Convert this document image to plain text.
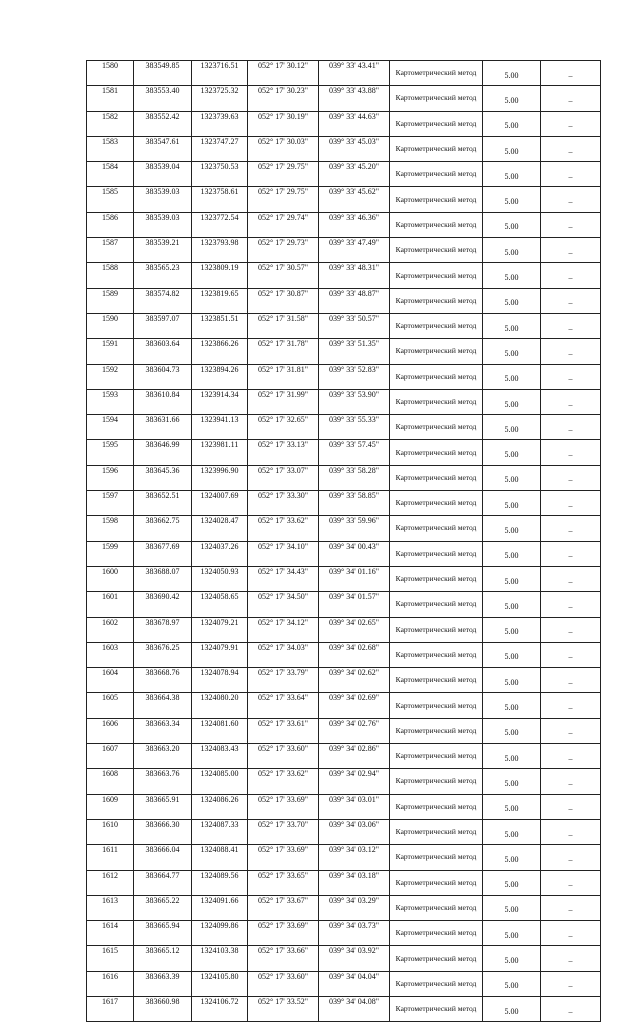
1580	383549.85	1323716.51	052° 17' 30.12"	039° 33' 43.41"	Картометрический метод	5.00	–
1581	383553.40	1323725.32	052° 17' 30.23"	039° 33' 43.88"	Картометрический метод	5.00	–
1582	383552.42	1323739.63	052° 17' 30.19"	039° 33' 44.63"	Картометрический метод	5.00	–
1583	383547.61	1323747.27	052° 17' 30.03"	039° 33' 45.03"	Картометрический метод	5.00	–
1584	383539.04	1323750.53	052° 17' 29.75"	039° 33' 45.20"	Картометрический метод	5.00	–
1585	383539.03	1323758.61	052° 17' 29.75"	039° 33' 45.62"	Картометрический метод	5.00	–
1586	383539.03	1323772.54	052° 17' 29.74"	039° 33' 46.36"	Картометрический метод	5.00	–
1587	383539.21	1323793.98	052° 17' 29.73"	039° 33' 47.49"	Картометрический метод	5.00	–
1588	383565.23	1323809.19	052° 17' 30.57"	039° 33' 48.31"	Картометрический метод	5.00	–
1589	383574.82	1323819.65	052° 17' 30.87"	039° 33' 48.87"	Картометрический метод	5.00	–
1590	383597.07	1323851.51	052° 17' 31.58"	039° 33' 50.57"	Картометрический метод	5.00	–
1591	383603.64	1323866.26	052° 17' 31.78"	039° 33' 51.35"	Картометрический метод	5.00	–
1592	383604.73	1323894.26	052° 17' 31.81"	039° 33' 52.83"	Картометрический метод	5.00	–
1593	383610.84	1323914.34	052° 17' 31.99"	039° 33' 53.90"	Картометрический метод	5.00	–
1594	383631.66	1323941.13	052° 17' 32.65"	039° 33' 55.33"	Картометрический метод	5.00	–
1595	383646.99	1323981.11	052° 17' 33.13"	039° 33' 57.45"	Картометрический метод	5.00	–
1596	383645.36	1323996.90	052° 17' 33.07"	039° 33' 58.28"	Картометрический метод	5.00	–
1597	383652.51	1324007.69	052° 17' 33.30"	039° 33' 58.85"	Картометрический метод	5.00	–
1598	383662.75	1324028.47	052° 17' 33.62"	039° 33' 59.96"	Картометрический метод	5.00	–
1599	383677.69	1324037.26	052° 17' 34.10"	039° 34' 00.43"	Картометрический метод	5.00	–
1600	383688.07	1324050.93	052° 17' 34.43"	039° 34' 01.16"	Картометрический метод	5.00	–
1601	383690.42	1324058.65	052° 17' 34.50"	039° 34' 01.57"	Картометрический метод	5.00	–
1602	383678.97	1324079.21	052° 17' 34.12"	039° 34' 02.65"	Картометрический метод	5.00	–
1603	383676.25	1324079.91	052° 17' 34.03"	039° 34' 02.68"	Картометрический метод	5.00	–
1604	383668.76	1324078.94	052° 17' 33.79"	039° 34' 02.62"	Картометрический метод	5.00	–
1605	383664.38	1324080.20	052° 17' 33.64"	039° 34' 02.69"	Картометрический метод	5.00	–
1606	383663.34	1324081.60	052° 17' 33.61"	039° 34' 02.76"	Картометрический метод	5.00	–
1607	383663.20	1324083.43	052° 17' 33.60"	039° 34' 02.86"	Картометрический метод	5.00	–
1608	383663.76	1324085.00	052° 17' 33.62"	039° 34' 02.94"	Картометрический метод	5.00	–
1609	383665.91	1324086.26	052° 17' 33.69"	039° 34' 03.01"	Картометрический метод	5.00	–
1610	383666.30	1324087.33	052° 17' 33.70"	039° 34' 03.06"	Картометрический метод	5.00	–
1611	383666.04	1324088.41	052° 17' 33.69"	039° 34' 03.12"	Картометрический метод	5.00	–
1612	383664.77	1324089.56	052° 17' 33.65"	039° 34' 03.18"	Картометрический метод	5.00	–
1613	383665.22	1324091.66	052° 17' 33.67"	039° 34' 03.29"	Картометрический метод	5.00	–
1614	383665.94	1324099.86	052° 17' 33.69"	039° 34' 03.73"	Картометрический метод	5.00	–
1615	383665.12	1324103.38	052° 17' 33.66"	039° 34' 03.92"	Картометрический метод	5.00	–
1616	383663.39	1324105.80	052° 17' 33.60"	039° 34' 04.04"	Картометрический метод	5.00	–
1617	383660.98	1324106.72	052° 17' 33.52"	039° 34' 04.08"	Картометрический метод	5.00	–
